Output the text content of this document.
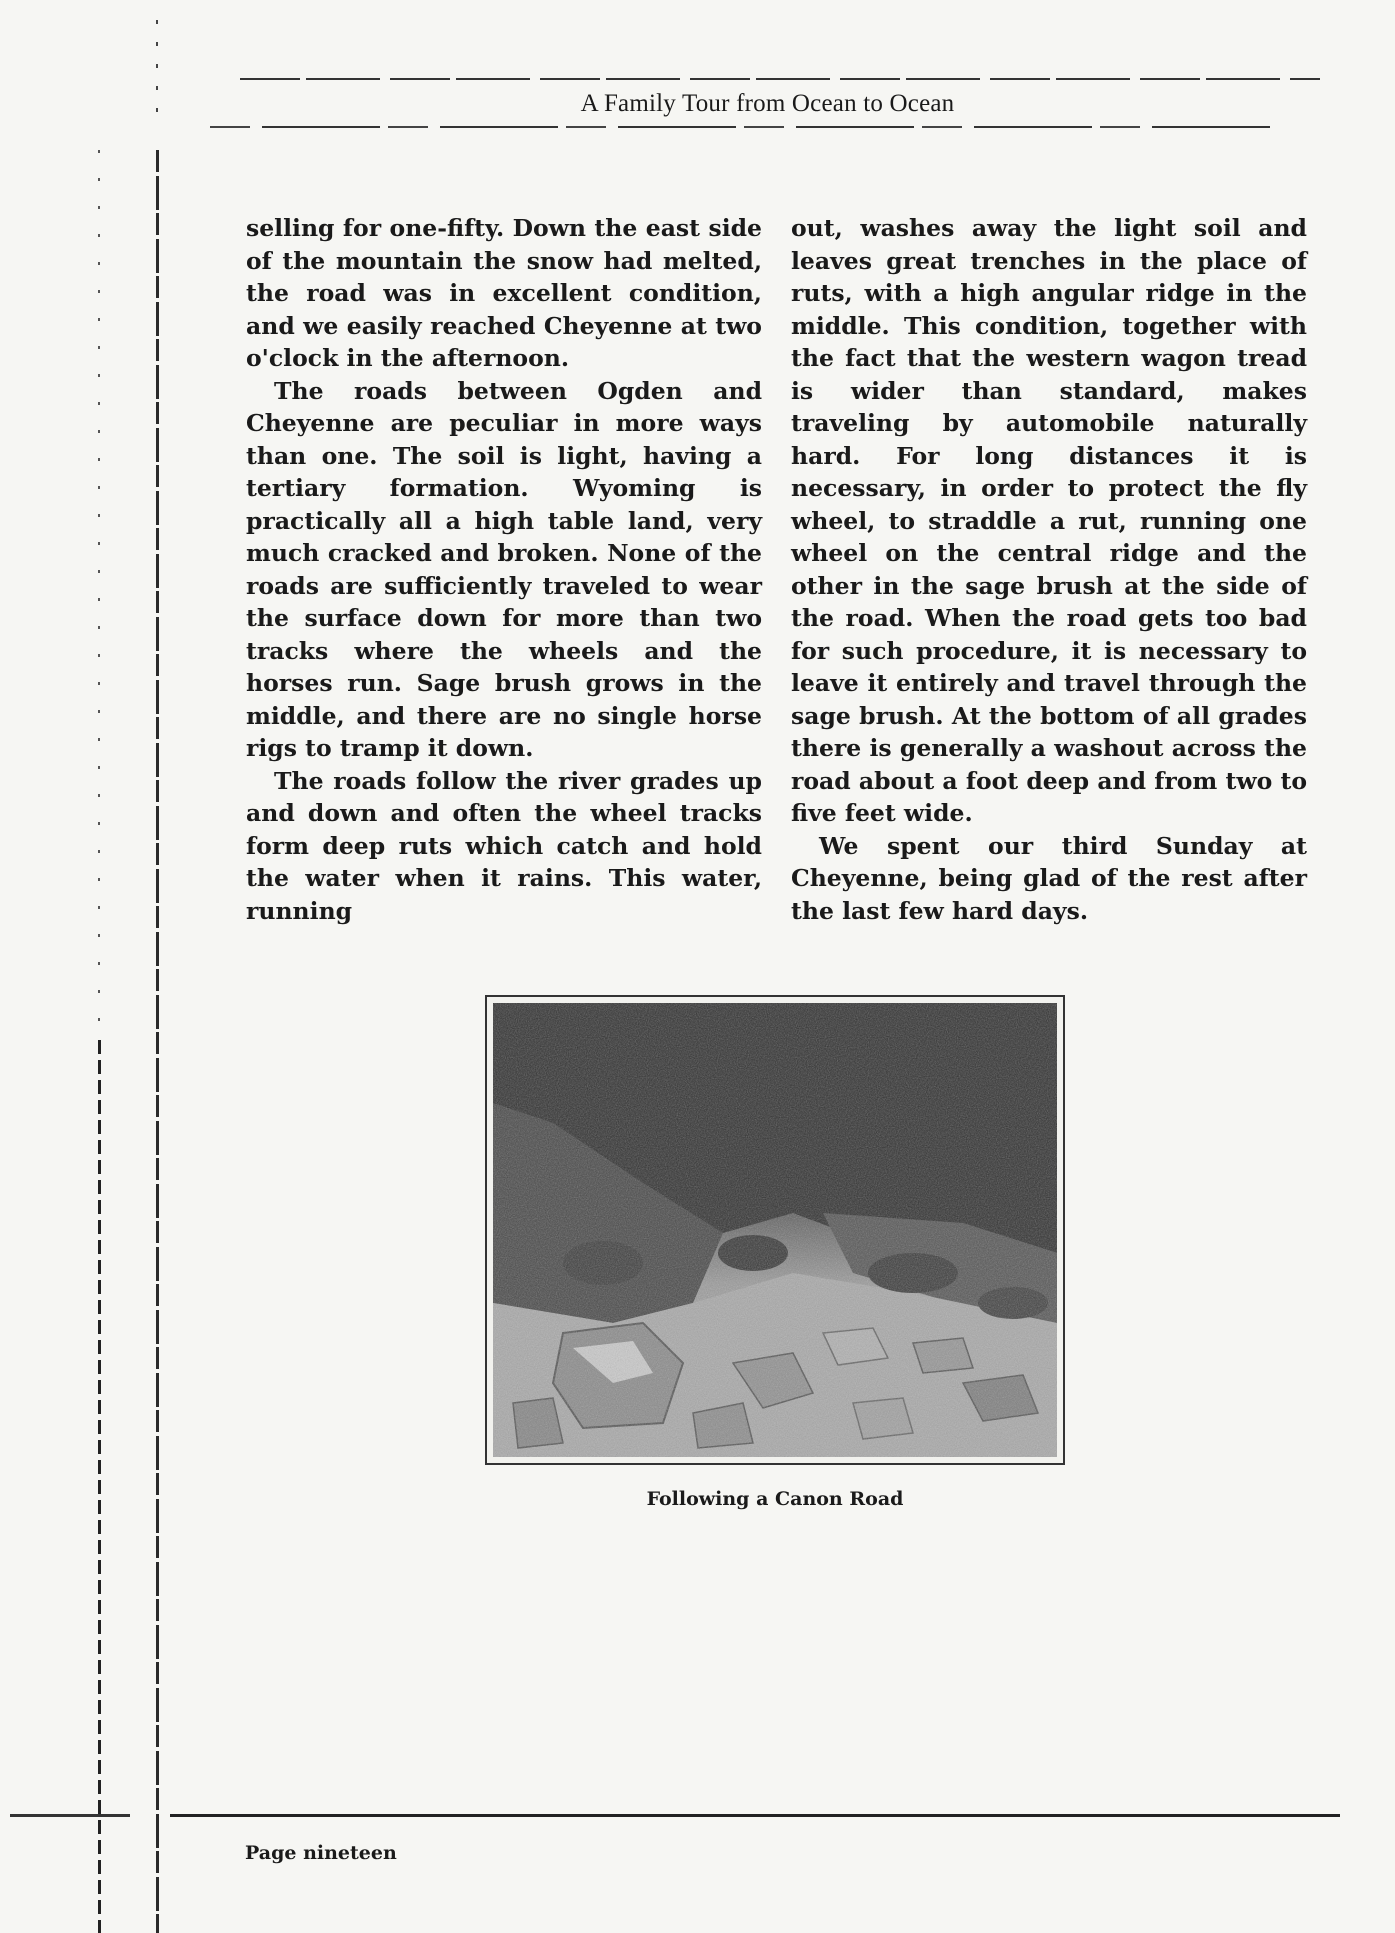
A Family Tour from Ocean to Ocean

selling for one-fifty. Down the east side of the mountain the snow had melted, the road was in excellent condition, and we easily reached Cheyenne at two o'clock in the afternoon.

The roads between Ogden and Cheyenne are peculiar in more ways than one. The soil is light, having a tertiary formation. Wyoming is practically all a high table land, very much cracked and broken. None of the roads are sufficiently traveled to wear the surface down for more than two tracks where the wheels and the horses run. Sage brush grows in the middle, and there are no single horse rigs to tramp it down.

The roads follow the river grades up and down and often the wheel tracks form deep ruts which catch and hold the water when it rains. This water, running

out, washes away the light soil and leaves great trenches in the place of ruts, with a high angular ridge in the middle. This condition, together with the fact that the western wagon tread is wider than standard, makes traveling by automobile naturally hard. For long distances it is necessary, in order to protect the fly wheel, to straddle a rut, running one wheel on the central ridge and the other in the sage brush at the side of the road. When the road gets too bad for such procedure, it is necessary to leave it entirely and travel through the sage brush. At the bottom of all grades there is generally a washout across the road about a foot deep and from two to five feet wide.

We spent our third Sunday at Cheyenne, being glad of the rest after the last few hard days.

Following a Canon Road
Page nineteen
